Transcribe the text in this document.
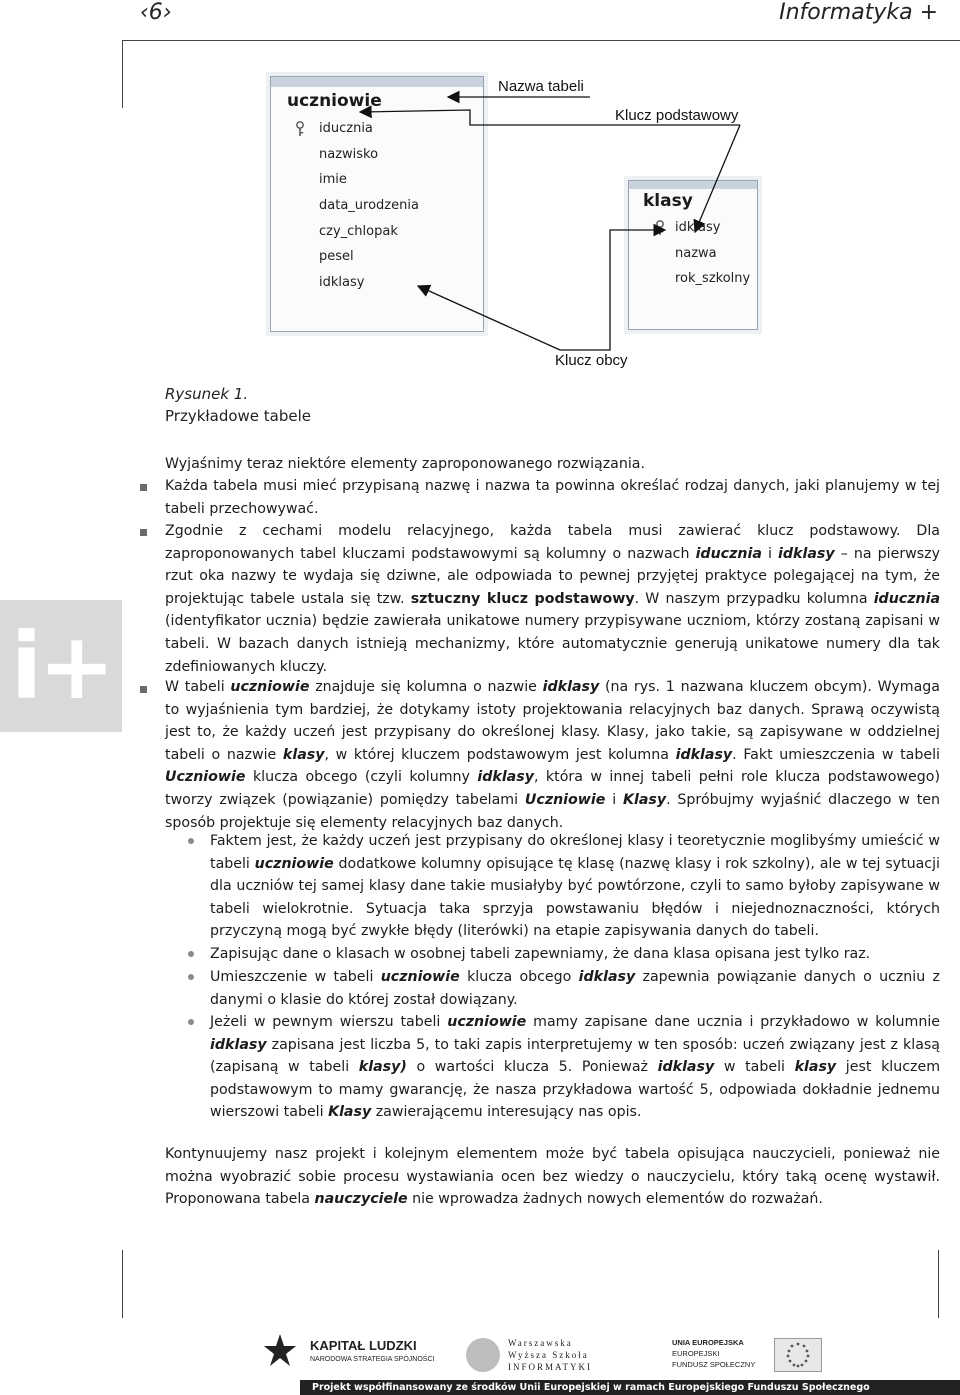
‹6›	Informatyka +
i+
uczniowie
iducznia
nazwisko
imie
data_urodzenia
czy_chlopak
pesel
idklasy
klasy
idklasy
nazwa
rok_szkolny
Nazwa tabeli
Klucz podstawowy
Klucz obcy
Rysunek 1.
Przykładowe tabele
Wyjaśnimy teraz niektóre elementy zaproponowanego rozwiązania.
Każda tabela musi mieć przypisaną nazwę i nazwa ta powinna określać rodzaj danych, jaki planujemy w tej tabeli przechowywać.
Zgodnie z cechami modelu relacyjnego, każda tabela musi zawierać klucz podstawowy. Dla zaproponowanych tabel kluczami podstawowymi są kolumny o nazwach iducznia i idklasy – na pierwszy rzut oka nazwy te wydaja się dziwne, ale odpowiada to pewnej przyjętej praktyce polegającej na tym, że projektując tabele ustala się tzw. sztuczny klucz podstawowy. W naszym przypadku kolumna iducznia (identyfikator ucznia) będzie zawierała unikatowe numery przypisywane uczniom, którzy zostaną zapisani w tabeli. W bazach danych istnieją mechanizmy, które automatycznie generują unikatowe numery dla tak zdefiniowanych kluczy.
W tabeli uczniowie znajduje się kolumna o nazwie idklasy (na rys. 1 nazwana kluczem obcym). Wymaga to wyjaśnienia tym bardziej, że dotykamy istoty projektowania relacyjnych baz danych. Sprawą oczywistą jest to, że każdy uczeń jest przypisany do określonej klasy. Klasy, jako takie, są zapisywane w oddzielnej tabeli o nazwie klasy, w której kluczem podstawowym jest kolumna idklasy. Fakt umieszczenia w tabeli Uczniowie klucza obcego (czyli kolumny idklasy, która w innej tabeli pełni role klucza podstawowego) tworzy związek (powiązanie) pomiędzy tabelami Uczniowie i Klasy. Spróbujmy wyjaśnić dlaczego w ten sposób projektuje się elementy relacyjnych baz danych.
Faktem jest, że każdy uczeń jest przypisany do określonej klasy i teoretycznie moglibyśmy umieścić w tabeli uczniowie dodatkowe kolumny opisujące tę klasę (nazwę klasy i rok szkolny), ale w tej sytuacji dla uczniów tej samej klasy dane takie musiałyby być powtórzone, czyli to samo byłoby zapisywane w tabeli wielokrotnie. Sytuacja taka sprzyja powstawaniu błędów i niejednoznaczności, których przyczyną mogą być zwykłe błędy (literówki) na etapie zapisywania danych do tabeli.
Zapisując dane o klasach w osobnej tabeli zapewniamy, że dana klasa opisana jest tylko raz.
Umieszczenie w tabeli uczniowie klucza obcego idklasy zapewnia powiązanie danych o uczniu z danymi o klasie do której został dowiązany.
Jeżeli w pewnym wierszu tabeli uczniowie mamy zapisane dane ucznia i przykładowo w kolumnie idklasy zapisana jest liczba 5, to taki zapis interpretujemy w ten sposób: uczeń związany jest z klasą (zapisaną w tabeli klasy) o wartości klucza 5. Ponieważ idklasy w tabeli klasy jest kluczem podstawowym to mamy gwarancję, że nasza przykładowa wartość 5, odpowiada dokładnie jednemu wierszowi tabeli Klasy zawierającemu interesujący nas opis.
Kontynuujemy nasz projekt i kolejnym elementem może być tabela opisująca nauczycieli, ponieważ nie można wyobrazić sobie procesu wystawiania ocen bez wiedzy o nauczycielu, który taką ocenę wystawił. Proponowana tabela nauczyciele nie wprowadza żadnych nowych elementów do rozważań.
KAPITAŁ LUDZKI
NARODOWA STRATEGIA SPÓJNOŚCI
Warszawska
Wyższa Szkoła
INFORMATYKI
UNIA EUROPEJSKA
EUROPEJSKI
FUNDUSZ SPOŁECZNY
Projekt współfinansowany ze środków Unii Europejskiej w ramach Europejskiego Funduszu Społecznego
